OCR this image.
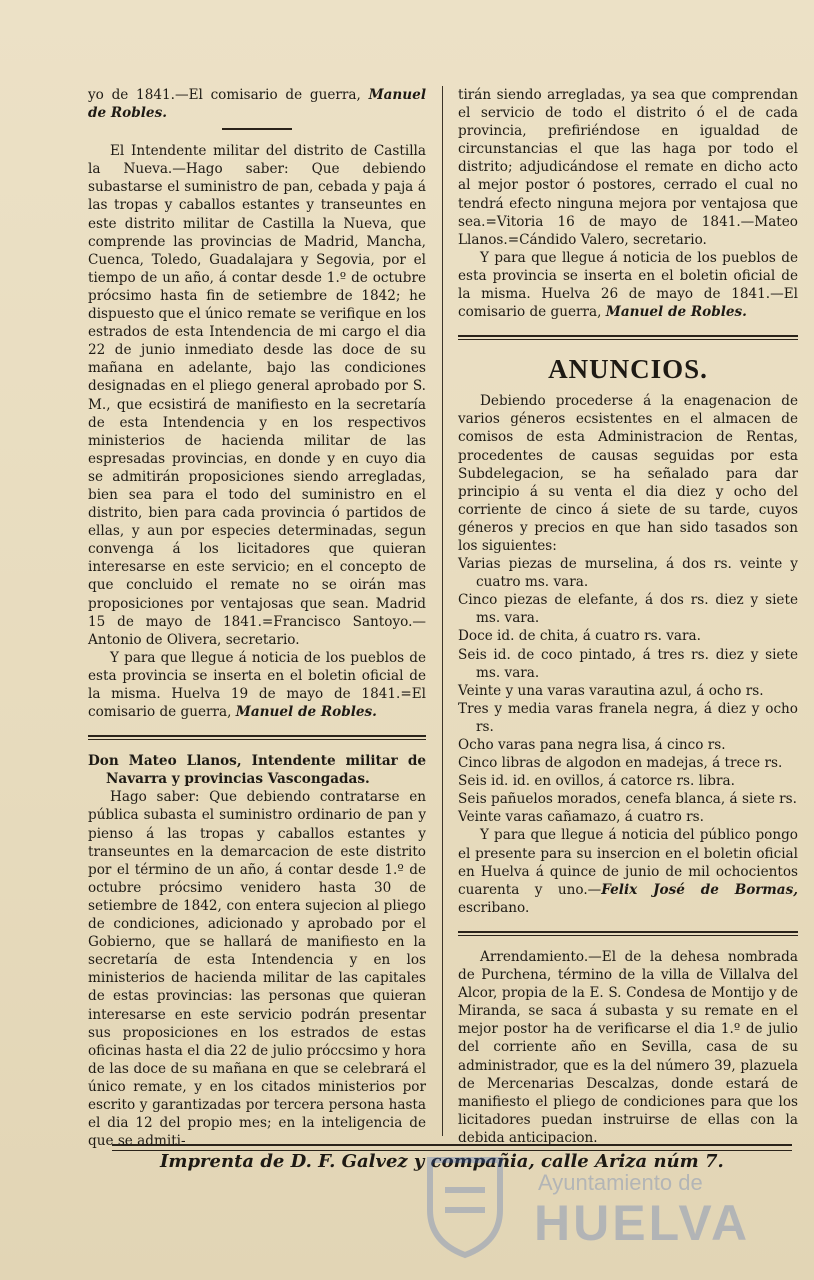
yo de 1841.—El comisario de guerra, Manuel de Robles.

El Intendente militar del distrito de Castilla la Nueva.—Hago saber: Que debiendo subastarse el suministro de pan, cebada y paja á las tropas y caballos estantes y transeuntes en este distrito militar de Castilla la Nueva, que comprende las provincias de Madrid, Mancha, Cuenca, Toledo, Guadalajara y Segovia, por el tiempo de un año, á contar desde 1.º de octubre prócsimo hasta fin de setiembre de 1842; he dispuesto que el único remate se verifique en los estrados de esta Intendencia de mi cargo el dia 22 de junio inmediato desde las doce de su mañana en adelante, bajo las condiciones designadas en el pliego general aprobado por S. M., que ecsistirá de manifiesto en la secretaría de esta Intendencia y en los respectivos ministerios de hacienda militar de las espresadas provincias, en donde y en cuyo dia se admitirán proposiciones siendo arregladas, bien sea para el todo del suministro en el distrito, bien para cada provincia ó partidos de ellas, y aun por especies determinadas, segun convenga á los licitadores que quieran interesarse en este servicio; en el concepto de que concluido el remate no se oirán mas proposiciones por ventajosas que sean. Madrid 15 de mayo de 1841.=Francisco Santoyo.—Antonio de Olivera, secretario.

Y para que llegue á noticia de los pueblos de esta provincia se inserta en el boletin oficial de la misma. Huelva 19 de mayo de 1841.=El comisario de guerra, Manuel de Robles.

Don Mateo Llanos, Intendente militar de Navarra y provincias Vascongadas.

Hago saber: Que debiendo contratarse en pública subasta el suministro ordinario de pan y pienso á las tropas y caballos estantes y transeuntes en la demarcacion de este distrito por el término de un año, á contar desde 1.º de octubre prócsimo venidero hasta 30 de setiembre de 1842, con entera sujecion al pliego de condiciones, adicionado y aprobado por el Gobierno, que se hallará de manifiesto en la secretaría de esta Intendencia y en los ministerios de hacienda militar de las capitales de estas provincias: las personas que quieran interesarse en este servicio podrán presentar sus proposiciones en los estrados de estas oficinas hasta el dia 22 de julio próccsimo y hora de las doce de su mañana en que se celebrará el único remate, y en los citados ministerios por escrito y garantizadas por tercera persona hasta el dia 12 del propio mes; en la inteligencia de que se admiti-

tirán siendo arregladas, ya sea que comprendan el servicio de todo el distrito ó el de cada provincia, prefiriéndose en igualdad de circunstancias el que las haga por todo el distrito; adjudicándose el remate en dicho acto al mejor postor ó postores, cerrado el cual no tendrá efecto ninguna mejora por ventajosa que sea.=Vitoria 16 de mayo de 1841.—Mateo Llanos.=Cándido Valero, secretario.

Y para que llegue á noticia de los pueblos de esta provincia se inserta en el boletin oficial de la misma. Huelva 26 de mayo de 1841.—El comisario de guerra, Manuel de Robles.

ANUNCIOS.

Debiendo procederse á la enagenacion de varios géneros ecsistentes en el almacen de comisos de esta Administracion de Rentas, procedentes de causas seguidas por esta Subdelegacion, se ha señalado para dar principio á su venta el dia diez y ocho del corriente de cinco á siete de su tarde, cuyos géneros y precios en que han sido tasados son los siguientes:

Varias piezas de murselina, á dos rs. veinte y cuatro ms. vara.

Cinco piezas de elefante, á dos rs. diez y siete ms. vara.

Doce id. de chita, á cuatro rs. vara.

Seis id. de coco pintado, á tres rs. diez y siete ms. vara.

Veinte y una varas varautina azul, á ocho rs.

Tres y media varas franela negra, á diez y ocho rs.

Ocho varas pana negra lisa, á cinco rs.

Cinco libras de algodon en madejas, á trece rs.

Seis id. id. en ovillos, á catorce rs. libra.

Seis pañuelos morados, cenefa blanca, á siete rs.

Veinte varas cañamazo, á cuatro rs.

Y para que llegue á noticia del público pongo el presente para su insercion en el boletin oficial en Huelva á quince de junio de mil ochocientos cuarenta y uno.—Felix José de Bormas, escribano.

Arrendamiento.—El de la dehesa nombrada de Purchena, término de la villa de Villalva del Alcor, propia de la E. S. Condesa de Montijo y de Miranda, se saca á subasta y su remate en el mejor postor ha de verificarse el dia 1.º de julio del corriente año en Sevilla, casa de su administrador, que es la del número 39, plazuela de Mercenarias Descalzas, donde estará de manifiesto el pliego de condiciones para que los licitadores puedan instruirse de ellas con la debida anticipacion.

Imprenta de D. F. Galvez y compañia, calle Ariza núm 7.
Ayuntamiento de
HUELVA
